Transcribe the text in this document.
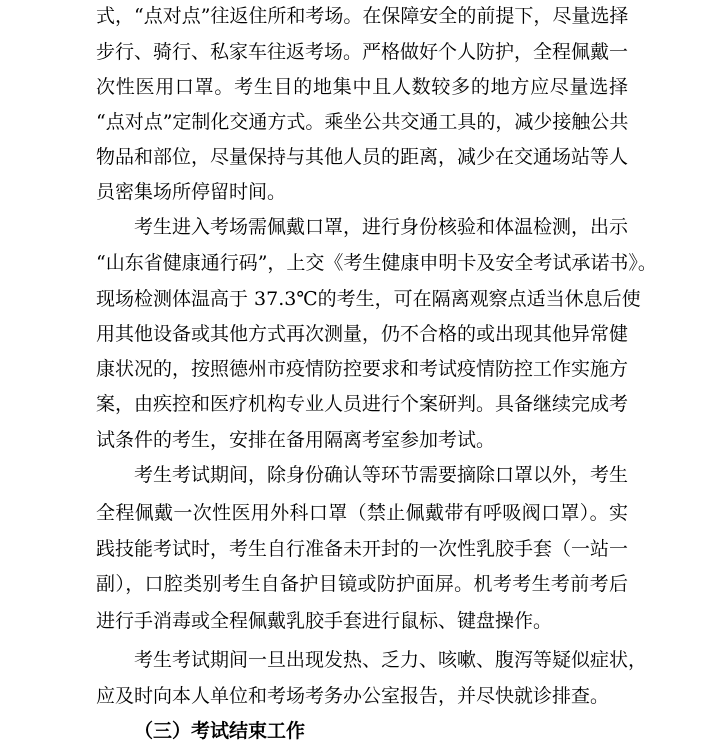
式，“点对点”往返住所和考场。在保障安全的前提下，尽量选择
步行、骑行、私家车往返考场。严格做好个人防护，全程佩戴一
次性医用口罩。考生目的地集中且人数较多的地方应尽量选择
“点对点”定制化交通方式。乘坐公共交通工具的，减少接触公共
物品和部位，尽量保持与其他人员的距离，减少在交通场站等人
员密集场所停留时间。
考生进入考场需佩戴口罩，进行身份核验和体温检测，出示
“山东省健康通行码”，上交《考生健康申明卡及安全考试承诺书》。
现场检测体温高于 37.3℃的考生，可在隔离观察点适当休息后使
用其他设备或其他方式再次测量，仍不合格的或出现其他异常健
康状况的，按照德州市疫情防控要求和考试疫情防控工作实施方
案，由疾控和医疗机构专业人员进行个案研判。具备继续完成考
试条件的考生，安排在备用隔离考室参加考试。
考生考试期间，除身份确认等环节需要摘除口罩以外，考生
全程佩戴一次性医用外科口罩（禁止佩戴带有呼吸阀口罩）。实
践技能考试时，考生自行准备未开封的一次性乳胶手套（一站一
副），口腔类别考生自备护目镜或防护面屏。机考考生考前考后
进行手消毒或全程佩戴乳胶手套进行鼠标、键盘操作。
考生考试期间一旦出现发热、乏力、咳嗽、腹泻等疑似症状，
应及时向本人单位和考场考务办公室报告，并尽快就诊排查。
（三）考试结束工作
